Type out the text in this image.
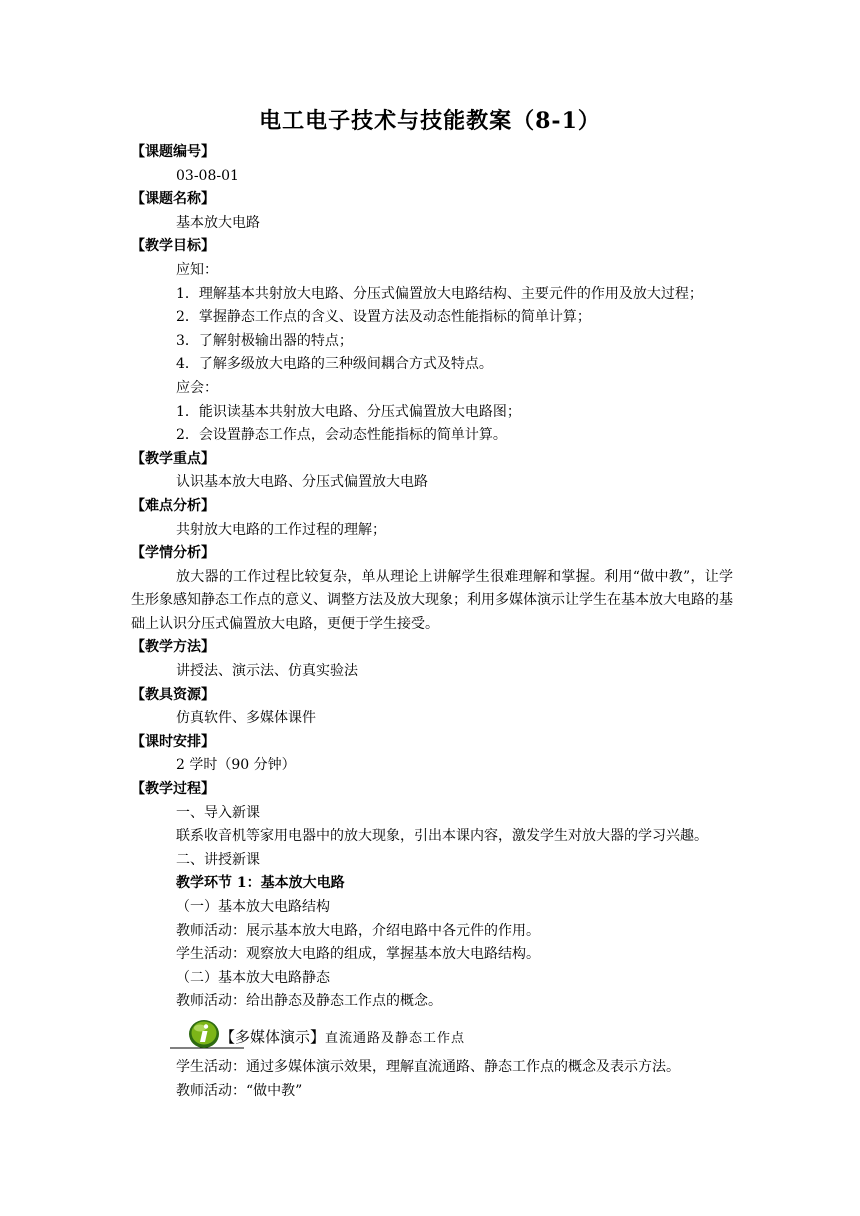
电工电子技术与技能教案（8-1）
【课题编号】
03-08-01
【课题名称】
基本放大电路
【教学目标】
应知：
1．理解基本共射放大电路、分压式偏置放大电路结构、主要元件的作用及放大过程；
2．掌握静态工作点的含义、设置方法及动态性能指标的简单计算；
3．了解射极输出器的特点；
4．了解多级放大电路的三种级间耦合方式及特点。
应会：
1．能识读基本共射放大电路、分压式偏置放大电路图；
2．会设置静态工作点，会动态性能指标的简单计算。
【教学重点】
认识基本放大电路、分压式偏置放大电路
【难点分析】
共射放大电路的工作过程的理解；
【学情分析】
放大器的工作过程比较复杂，单从理论上讲解学生很难理解和掌握。利用“做中教”，让学生形象感知静态工作点的意义、调整方法及放大现象；利用多媒体演示让学生在基本放大电路的基础上认识分压式偏置放大电路，更便于学生接受。
【教学方法】
讲授法、演示法、仿真实验法
【教具资源】
仿真软件、多媒体课件
【课时安排】
2 学时（90 分钟）
【教学过程】
一、导入新课
联系收音机等家用电器中的放大现象，引出本课内容，激发学生对放大器的学习兴趣。
二、讲授新课
教学环节 1：基本放大电路
（一）基本放大电路结构
教师活动：展示基本放大电路，介绍电路中各元件的作用。
学生活动：观察放大电路的组成，掌握基本放大电路结构。
（二）基本放大电路静态
教师活动：给出静态及静态工作点的概念。
【多媒体演示】直流通路及静态工作点
学生活动：通过多媒体演示效果，理解直流通路、静态工作点的概念及表示方法。
教师活动：“做中教”
